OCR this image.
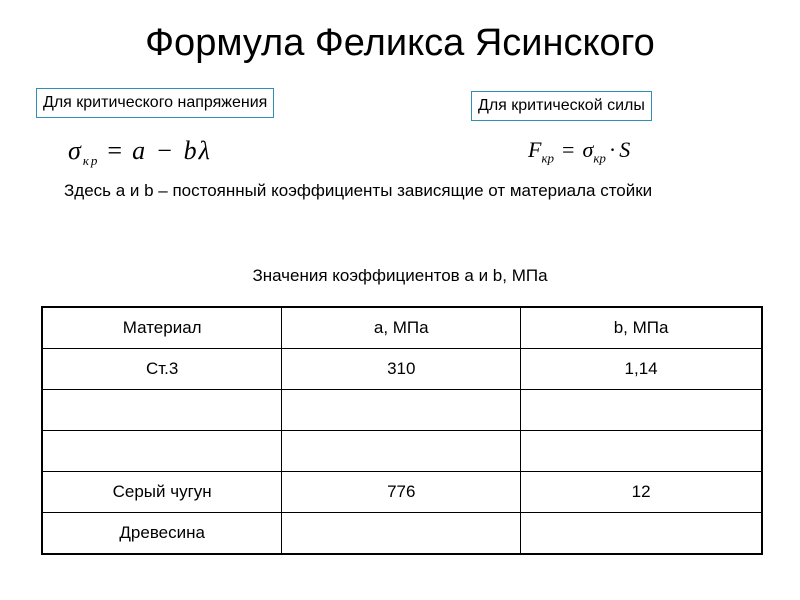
Формула Феликса Ясинского
Для критического напряжения	Для критической силы
$\sigma_{кр} = a - b\lambda$	$F_{кр} = \sigma_{кр} \cdot S$
Здесь a и b – постоянный коэффициенты зависящие от материала стойки
Значения коэффициентов a и b, МПа
Материал	a, МПа	b, МПа
Ст.3	310	1,14

Серый чугун	776	12
Древесина		
